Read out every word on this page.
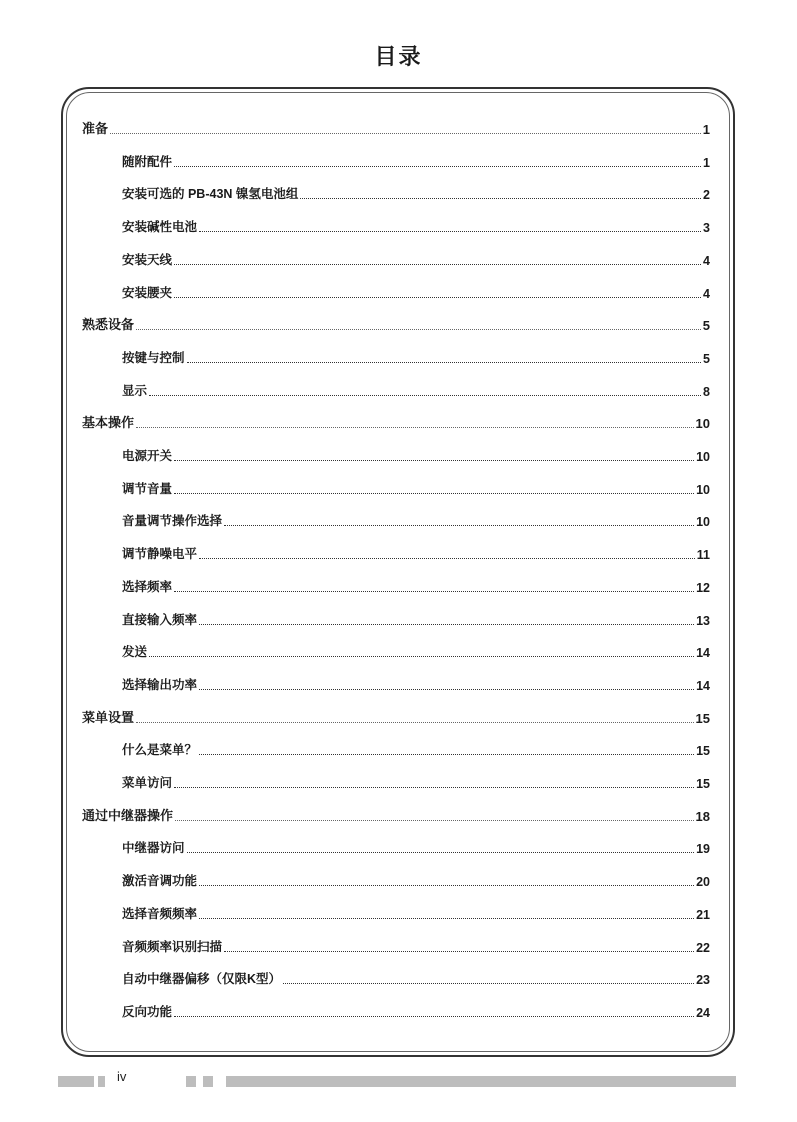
目录
准备	1
随附配件	1
安装可选的 PB-43N 镍氢电池组	2
安装碱性电池	3
安装天线	4
安装腰夹	4
熟悉设备	5
按键与控制	5
显示	8
基本操作	10
电源开关	10
调节音量	10
音量调节操作选择	10
调节静噪电平	11
选择频率	12
直接输入频率	13
发送	14
选择输出功率	14
菜单设置	15
什么是菜单？	15
菜单访问	15
通过中继器操作	18
中继器访问	19
激活音调功能	20
选择音频频率	21
音频频率识别扫描	22
自动中继器偏移（仅限K型）	23
反向功能	24
iv
